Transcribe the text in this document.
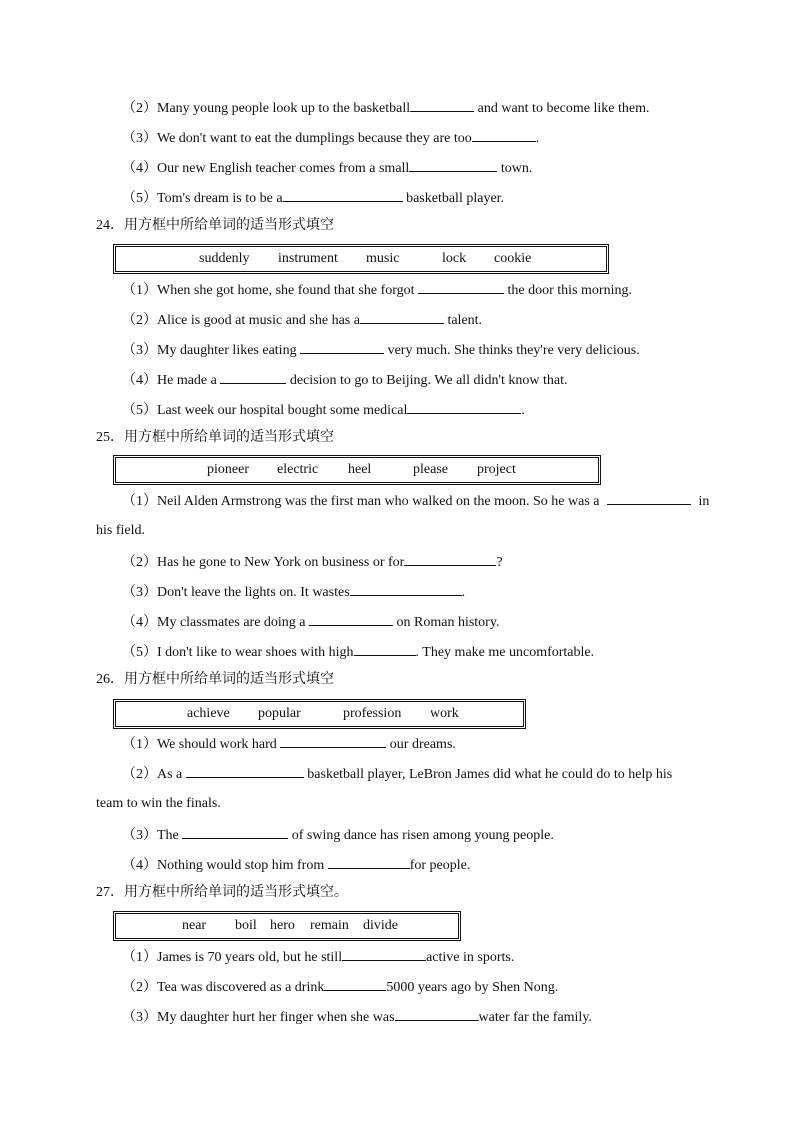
（2）Many young people look up to the basketball	and want to become like them.
（3）We don't want to eat the dumplings because they are too	.
（4）Our new English teacher comes from a small	town.
（5）Tom's dream is to be a	basketball player.
24．用方框中所给单词的适当形式填空
suddenly instrument music	lock cookie
（1）When she got home, she found that she forgot	the door this morning.
（2）Alice is good at music and she has a	talent.
（3）My daughter likes eating	very much. She thinks they're very delicious.
（4）He made a	decision to go to Beijing. We all didn't know that.
（5）Last week our hospital bought some medical	.
25．用方框中所给单词的适当形式填空
pioneer electric heel	please project
（1）Neil Alden Armstrong was the first man who walked on the moon. So he was a	in
his field.
（2）Has he gone to New York on business or for	?
（3）Don't leave the lights on. It wastes	.
（4）My classmates are doing a	on Roman history.
（5）I don't like to wear shoes with high	. They make me uncomfortable.
26．用方框中所给单词的适当形式填空
achieve popular	profession work
（1）We should work hard	our dreams.
（2）As a	basketball player, LeBron James did what he could do to help his
team to win the finals.
（3）The	of swing dance has risen among young people.
（4）Nothing would stop him from	for people.
27．用方框中所给单词的适当形式填空。
near boil hero remain divide
（1）James is 70 years old, but he still	active in sports.
（2）Tea was discovered as a drink	5000 years ago by Shen Nong.
（3）My daughter hurt her finger when she was	water far the family.
